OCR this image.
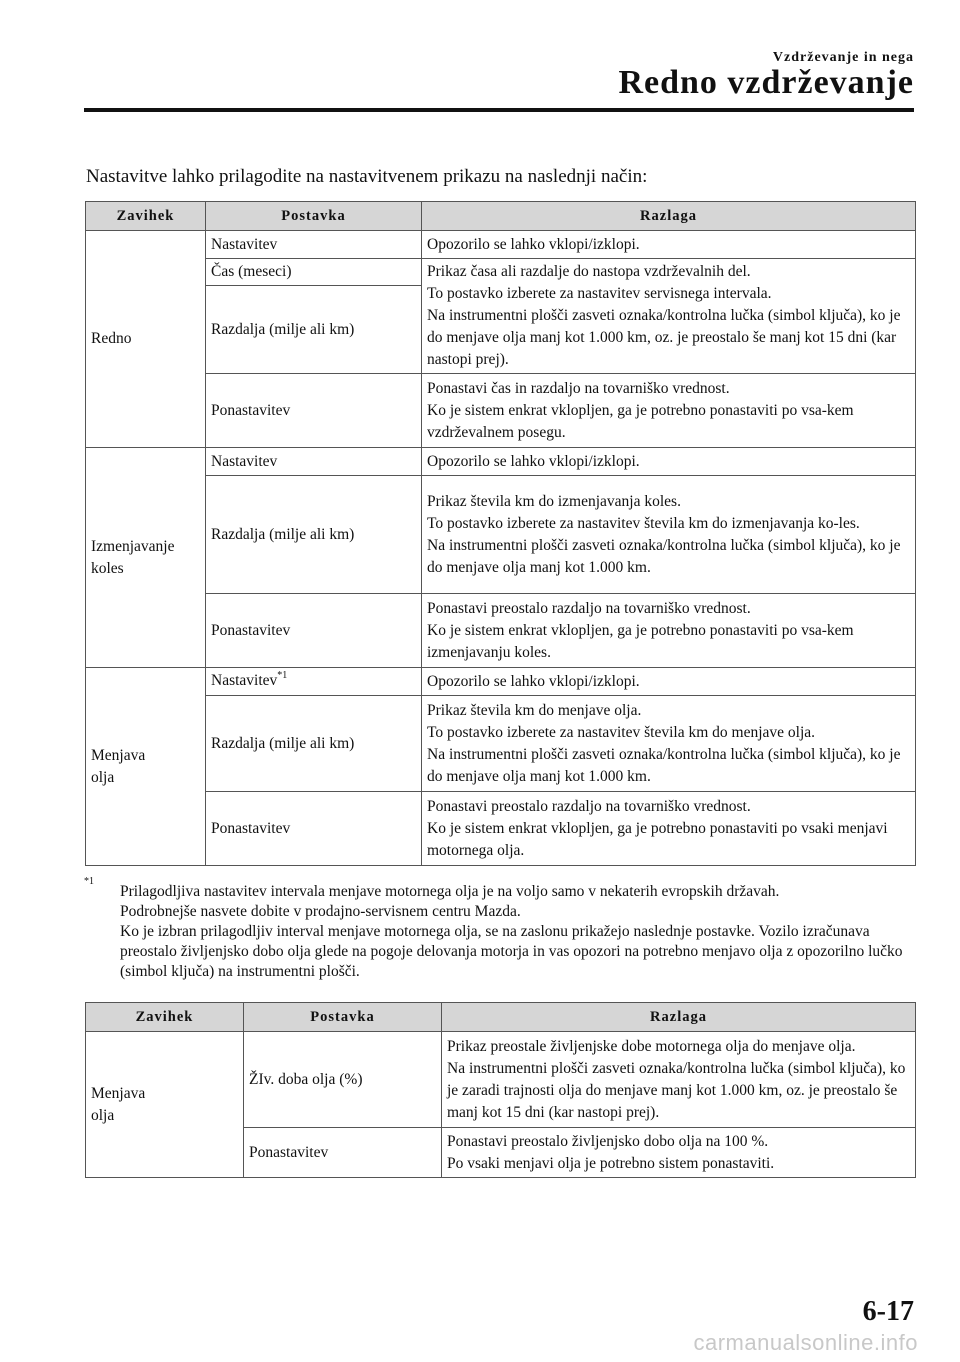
Vzdrževanje in nega
Redno vzdrževanje
Nastavitve lahko prilagodite na nastavitvenem prikazu na naslednji način:
Zavihek	Postavka	Razlaga
Redno	Nastavitev	Opozorilo se lahko vklopi/izklopi.
	Čas (meseci)	Prikaz časa ali razdalje do nastopa vzdrževalnih del.
To postavko izberete za nastavitev servisnega intervala.
Na instrumentni plošči zasveti oznaka/kontrolna lučka (simbol ključa), ko je do menjave olja manj kot 1.000 km, oz. je preostalo še manj kot 15 dni (kar nastopi prej).
	Razdalja (milje ali km)	
	Ponastavitev	Ponastavi čas in razdaljo na tovarniško vrednost.
Ko je sistem enkrat vklopljen, ga je potrebno ponastaviti po vsa-kem vzdrževalnem posegu.
Izmenjavanje
koles	Nastavitev	Opozorilo se lahko vklopi/izklopi.
	Razdalja (milje ali km)	Prikaz števila km do izmenjavanja koles.
To postavko izberete za nastavitev števila km do izmenjavanja ko-les.
Na instrumentni plošči zasveti oznaka/kontrolna lučka (simbol ključa), ko je do menjave olja manj kot 1.000 km.
	Ponastavitev	Ponastavi preostalo razdaljo na tovarniško vrednost.
Ko je sistem enkrat vklopljen, ga je potrebno ponastaviti po vsa-kem izmenjavanju koles.
Menjava
olja	Nastavitev$^{*1}$	Opozorilo se lahko vklopi/izklopi.
	Razdalja (milje ali km)	Prikaz števila km do menjave olja.
To postavko izberete za nastavitev števila km do menjave olja.
Na instrumentni plošči zasveti oznaka/kontrolna lučka (simbol ključa), ko je do menjave olja manj kot 1.000 km.
	Ponastavitev	Ponastavi preostalo razdaljo na tovarniško vrednost.
Ko je sistem enkrat vklopljen, ga je potrebno ponastaviti po vsaki menjavi motornega olja.
*1
Prilagodljiva nastavitev intervala menjave motornega olja je na voljo samo v nekaterih evropskih državah.
Podrobnejše nasvete dobite v prodajno-servisnem centru Mazda.
Ko je izbran prilagodljiv interval menjave motornega olja, se na zaslonu prikažejo naslednje postavke. Vozilo izračunava preostalo življenjsko dobo olja glede na pogoje delovanja motorja in vas opozori na potrebno menjavo olja z opozorilno lučko (simbol ključa) na instrumentni plošči.
Zavihek	Postavka	Razlaga
Menjava
olja	ŽIv. doba olja (%)	Prikaz preostale življenjske dobe motornega olja do menjave olja.
Na instrumentni plošči zasveti oznaka/kontrolna lučka (simbol ključa), ko je zaradi trajnosti olja do menjave manj kot 1.000 km, oz. je preostalo še manj kot 15 dni (kar nastopi prej).
	Ponastavitev	Ponastavi preostalo življenjsko dobo olja na 100 %.
Po vsaki menjavi olja je potrebno sistem ponastaviti.
6-17
carmanualsonline.info
